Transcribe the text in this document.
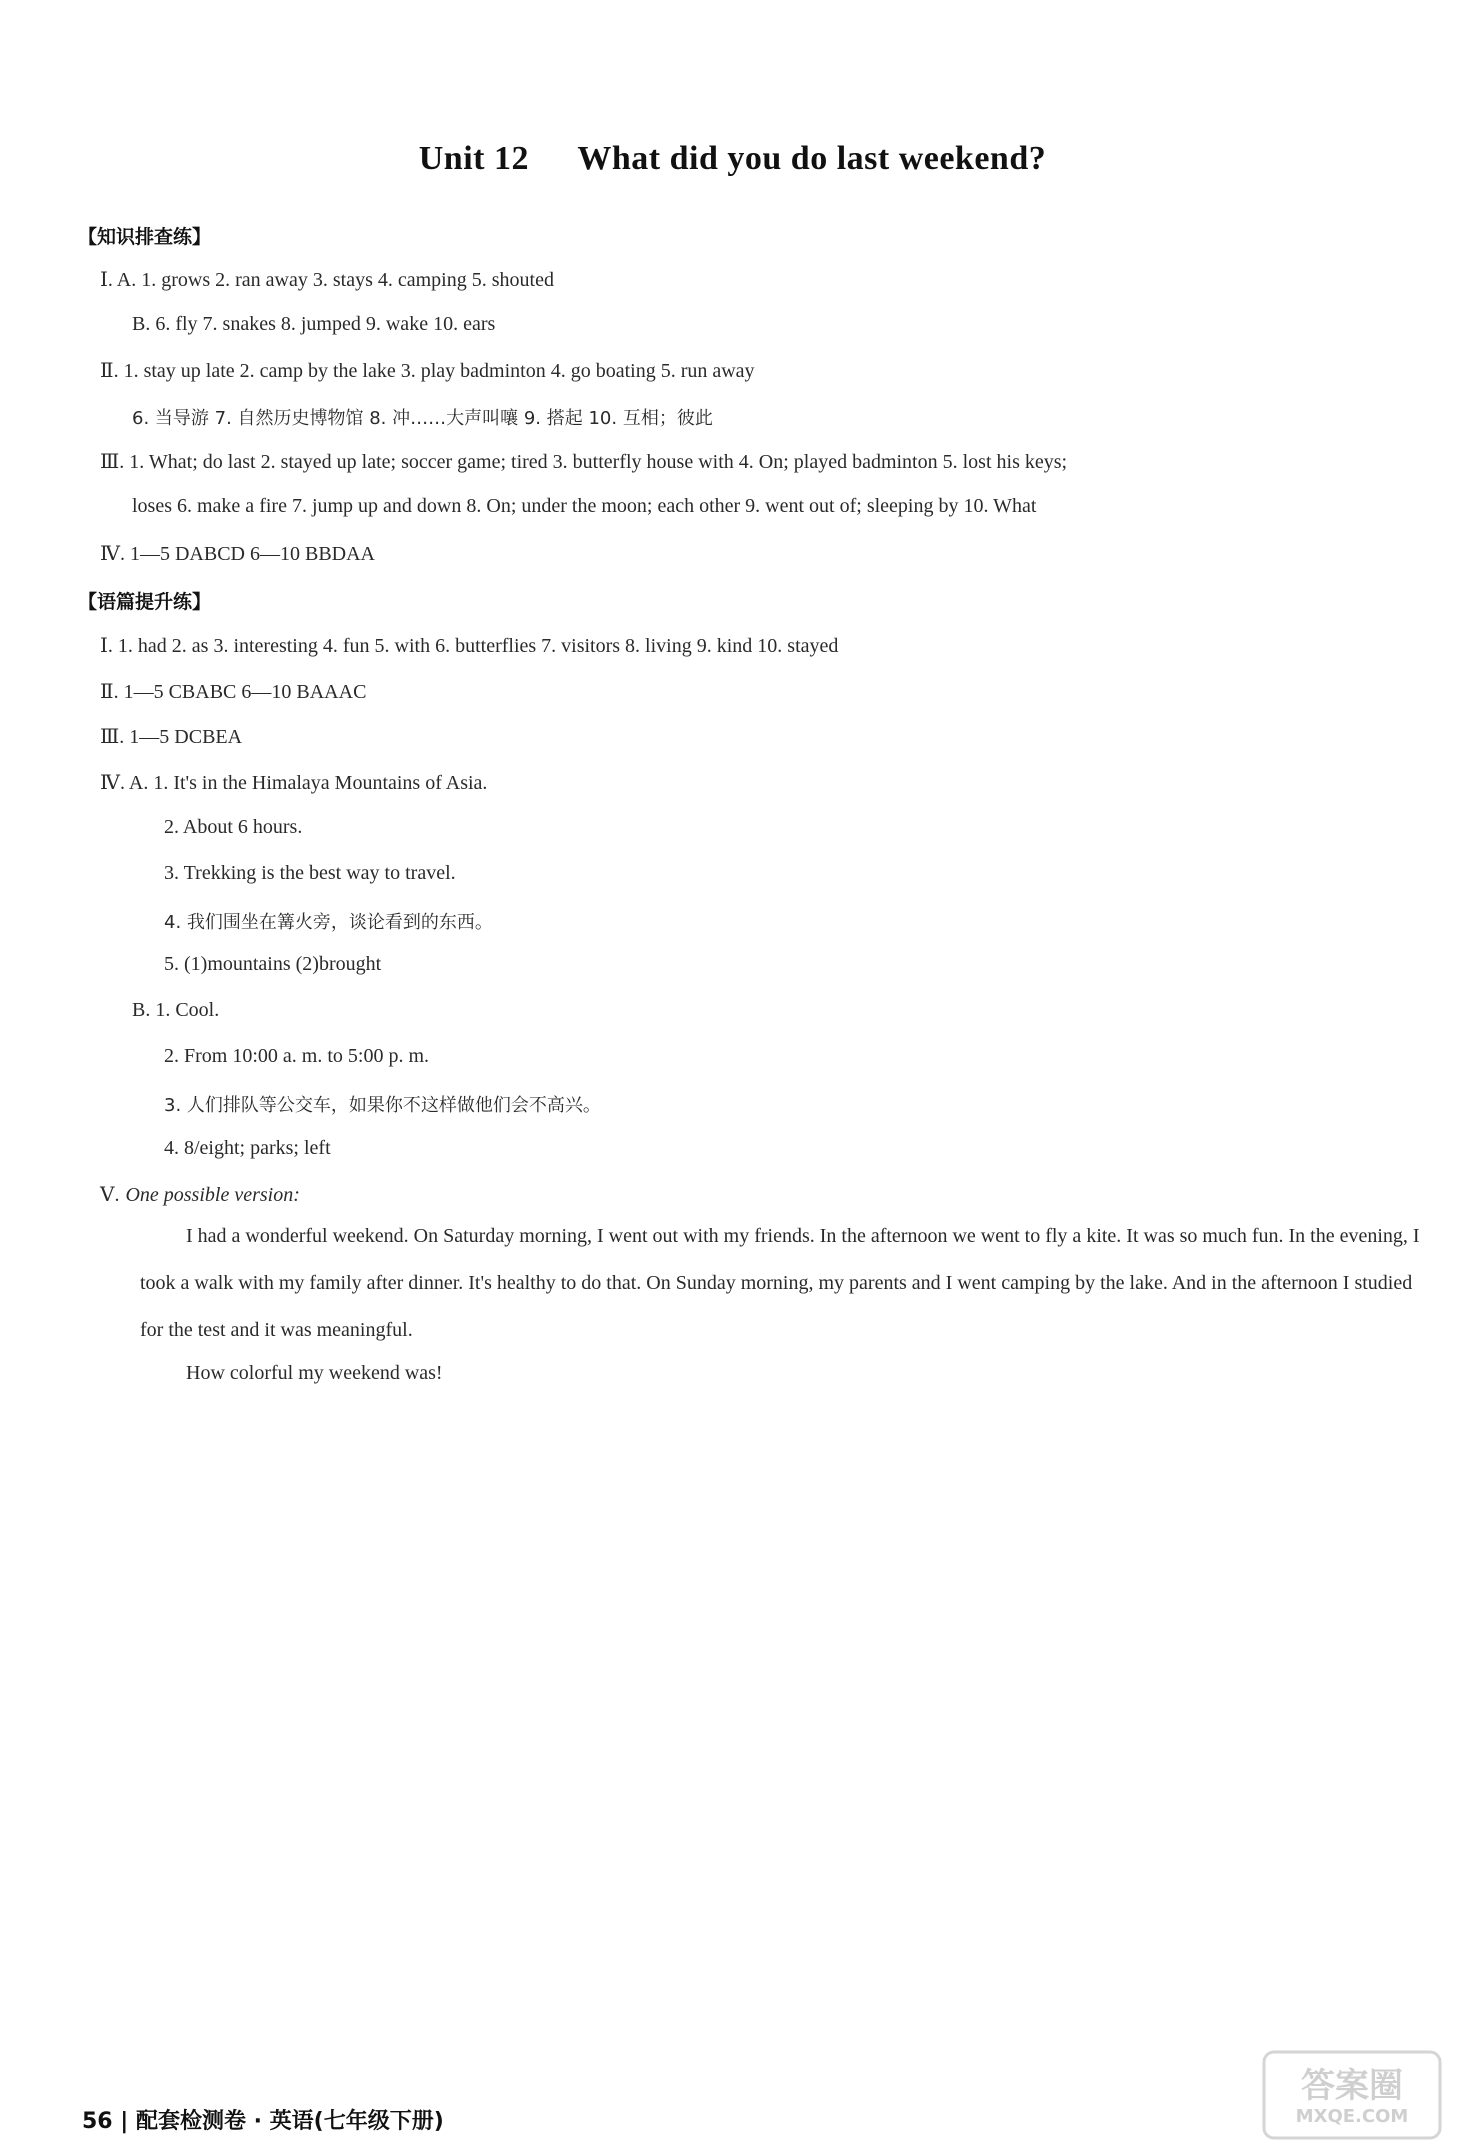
Unit 12 What did you do last weekend?
【知识排查练】
Ⅰ. A. 1. grows 2. ran away 3. stays 4. camping 5. shouted
B. 6. fly 7. snakes 8. jumped 9. wake 10. ears
Ⅱ. 1. stay up late 2. camp by the lake 3. play badminton 4. go boating 5. run away
6. 当导游 7. 自然历史博物馆 8. 冲……大声叫嚷 9. 搭起 10. 互相；彼此
Ⅲ. 1. What; do last 2. stayed up late; soccer game; tired 3. butterfly house with 4. On; played badminton 5. lost his keys;
loses 6. make a fire 7. jump up and down 8. On; under the moon; each other 9. went out of; sleeping by 10. What
Ⅳ. 1—5 DABCD 6—10 BBDAA
【语篇提升练】
Ⅰ. 1. had 2. as 3. interesting 4. fun 5. with 6. butterflies 7. visitors 8. living 9. kind 10. stayed
Ⅱ. 1—5 CBABC 6—10 BAAAC
Ⅲ. 1—5 DCBEA
Ⅳ. A. 1. It's in the Himalaya Mountains of Asia.
2. About 6 hours.
3. Trekking is the best way to travel.
4. 我们围坐在篝火旁，谈论看到的东西。
5. (1)mountains (2)brought
B. 1. Cool.
2. From 10:00 a. m. to 5:00 p. m.
3. 人们排队等公交车，如果你不这样做他们会不高兴。
4. 8/eight; parks; left
Ⅴ. One possible version:
I had a wonderful weekend. On Saturday morning, I went out with my friends. In the afternoon we went to fly a kite. It was so much fun. In the evening, I took a walk with my family after dinner. It's healthy to do that. On Sunday morning, my parents and I went camping by the lake. And in the afternoon I studied for the test and it was meaningful.
How colorful my weekend was!
56 | 配套检测卷 · 英语(七年级下册)
答案圈
MXQE.COM
